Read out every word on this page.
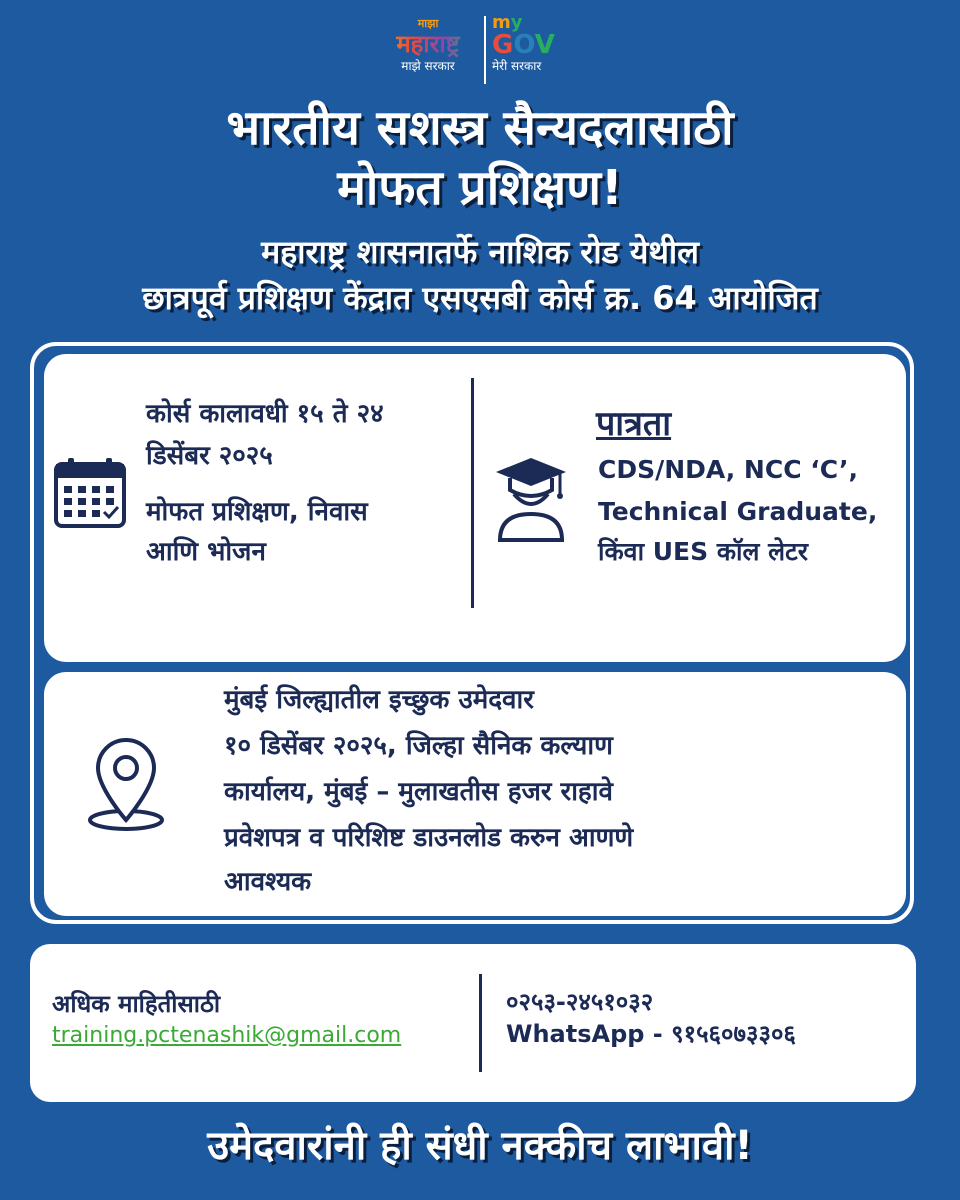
माझा
महाराष्ट्र
माझे सरकार
my
GOV
मेरी सरकार
भारतीय सशस्त्र सैन्यदलासाठी
मोफत प्रशिक्षण!
महाराष्ट्र शासनातर्फे नाशिक रोड येथील
छात्रपूर्व प्रशिक्षण केंद्रात एसएसबी कोर्स क्र. 64 आयोजित
कोर्स कालावधी १५ ते २४
डिसेंबर २०२५
मोफत प्रशिक्षण, निवास
आणि भोजन
पात्रता
CDS/NDA, NCC ‘C’,
Technical Graduate,
किंवा UES कॉल लेटर
मुंबई जिल्ह्यातील इच्छुक उमेदवार
१० डिसेंबर २०२५, जिल्हा सैनिक कल्याण
कार्यालय, मुंबई – मुलाखतीस हजर राहावे
प्रवेशपत्र व परिशिष्ट डाउनलोड करुन आणणे
आवश्यक
अधिक माहितीसाठी
training.pctenashik@gmail.com
०२५३-२४५१०३२
WhatsApp - ९१५६०७३३०६
उमेदवारांनी ही संधी नक्कीच लाभावी!
